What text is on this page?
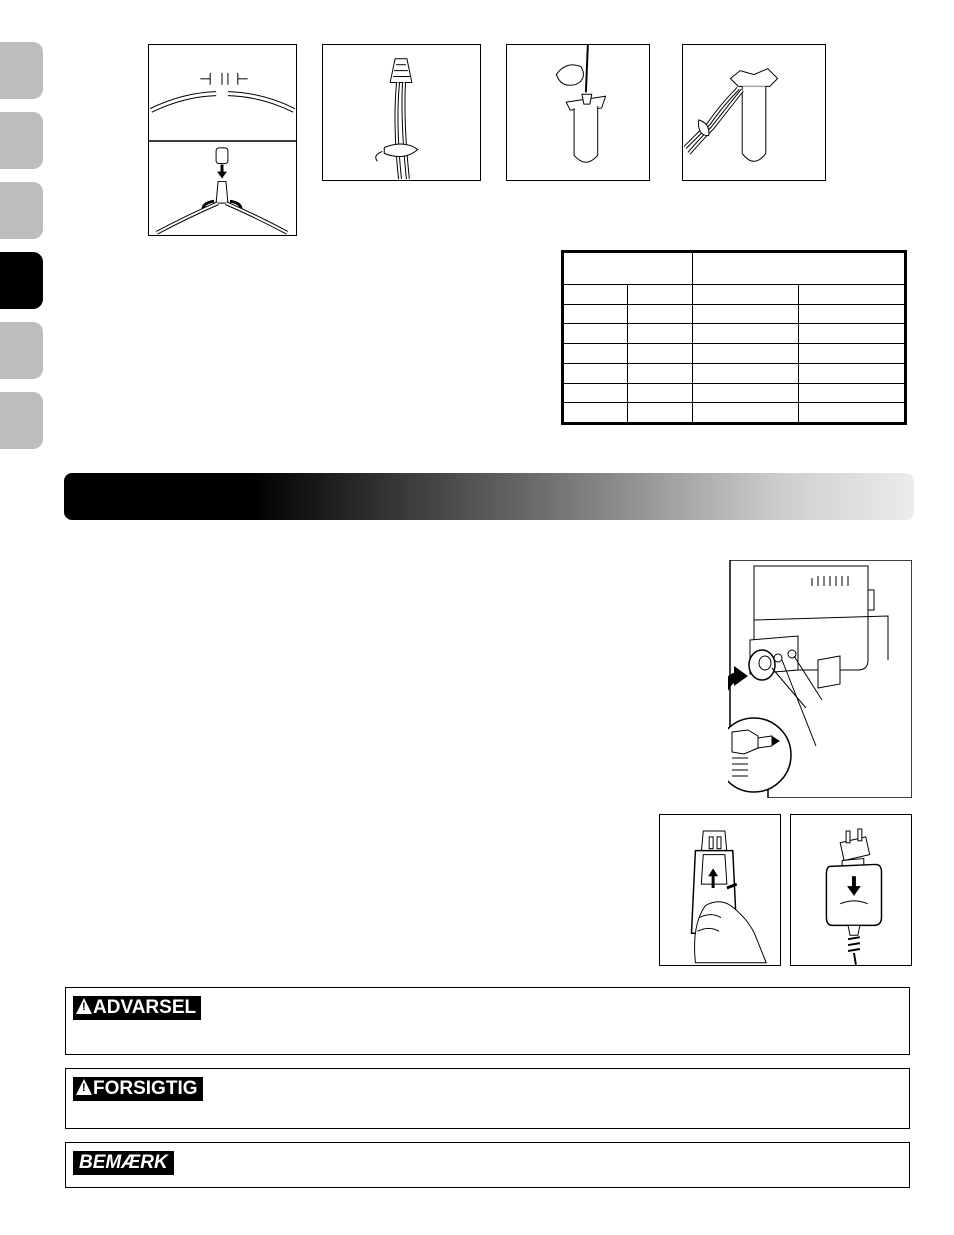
!ADVARSEL
!FORSIGTIG
BEMÆRK
